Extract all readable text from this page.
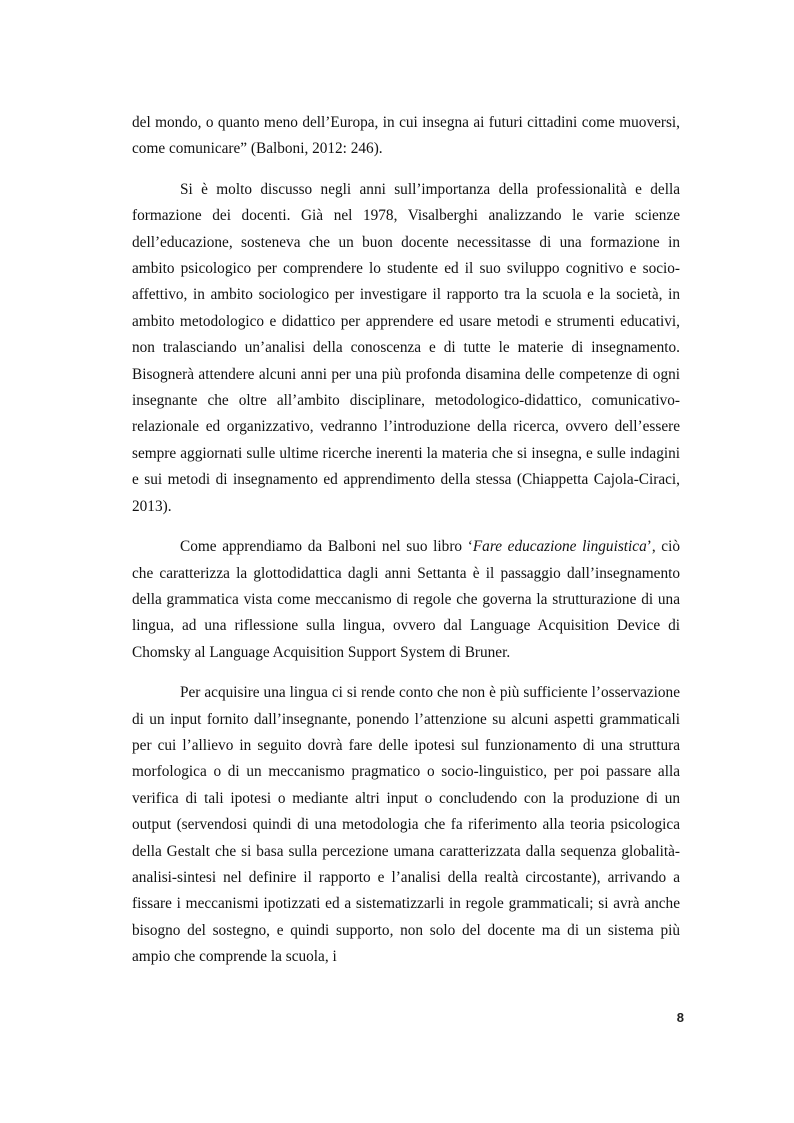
del mondo, o quanto meno dell’Europa, in cui insegna ai futuri cittadini come muoversi, come comunicare” (Balboni, 2012: 246).

Si è molto discusso negli anni sull’importanza della professionalità e della formazione dei docenti. Già nel 1978, Visalberghi analizzando le varie scienze dell’educazione, sosteneva che un buon docente necessitasse di una formazione in ambito psicologico per comprendere lo studente ed il suo sviluppo cognitivo e socio-affettivo, in ambito sociologico per investigare il rapporto tra la scuola e la società, in ambito metodologico e didattico per apprendere ed usare metodi e strumenti educativi, non tralasciando un’analisi della conoscenza e di tutte le materie di insegnamento. Bisognerà attendere alcuni anni per una più profonda disamina delle competenze di ogni insegnante che oltre all’ambito disciplinare, metodologico-didattico, comunicativo-relazionale ed organizzativo, vedranno l’introduzione della ricerca, ovvero dell’essere sempre aggiornati sulle ultime ricerche inerenti la materia che si insegna, e sulle indagini e sui metodi di insegnamento ed apprendimento della stessa (Chiappetta Cajola-Ciraci, 2013).

Come apprendiamo da Balboni nel suo libro ‘Fare educazione linguistica’, ciò che caratterizza la glottodidattica dagli anni Settanta è il passaggio dall’insegnamento della grammatica vista come meccanismo di regole che governa la strutturazione di una lingua, ad una riflessione sulla lingua, ovvero dal Language Acquisition Device di Chomsky al Language Acquisition Support System di Bruner.

Per acquisire una lingua ci si rende conto che non è più sufficiente l’osservazione di un input fornito dall’insegnante, ponendo l’attenzione su alcuni aspetti grammaticali per cui l’allievo in seguito dovrà fare delle ipotesi sul funzionamento di una struttura morfologica o di un meccanismo pragmatico o socio-linguistico, per poi passare alla verifica di tali ipotesi o mediante altri input o concludendo con la produzione di un output (servendosi quindi di una metodologia che fa riferimento alla teoria psicologica della Gestalt che si basa sulla percezione umana caratterizzata dalla sequenza globalità-analisi-sintesi nel definire il rapporto e l’analisi della realtà circostante), arrivando a fissare i meccanismi ipotizzati ed a sistematizzarli in regole grammaticali; si avrà anche bisogno del sostegno, e quindi supporto, non solo del docente ma di un sistema più ampio che comprende la scuola, i

8
